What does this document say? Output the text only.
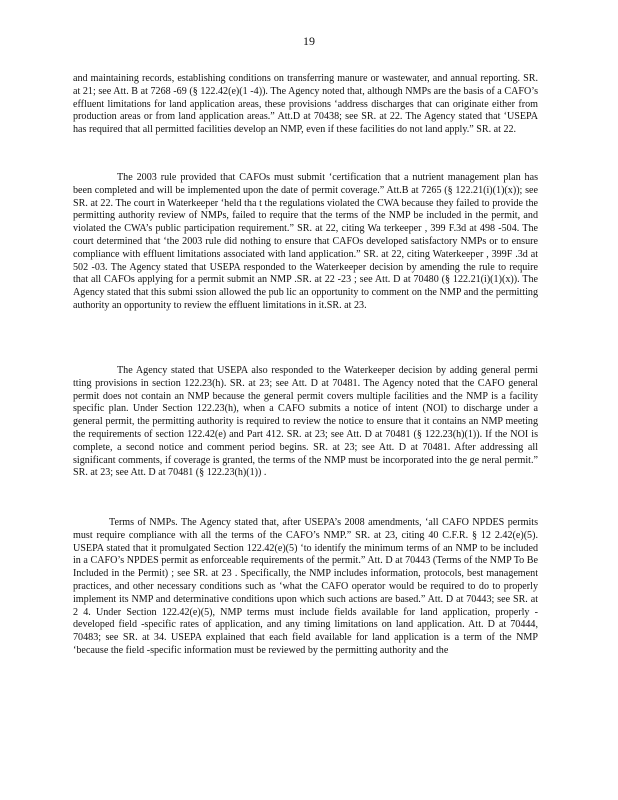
19

and maintaining records, establishing conditions on transferring manure or wastewater, and annual reporting. SR. at 21; see Att. B at 7268 -69 (§ 122.42(e)(1 -4)). The Agency noted that, although NMPs are the basis of a CAFO’s effluent limitations for land application areas, these provisions ‘address discharges that can originate either from production areas or from land application areas.” Att.D at 70438; see SR. at 22. The Agency stated that ‘USEPA has required that all permitted facilities develop an NMP, even if these facilities do not land apply.” SR. at 22.

The 2003 rule provided that CAFOs must submit ‘certification that a nutrient management plan has been completed and will be implemented upon the date of permit coverage.” Att.B at 7265 (§ 122.21(i)(1)(x)); see SR. at 22. The court in Waterkeeper ‘held tha t the regulations violated the CWA because they failed to provide the permitting authority review of NMPs, failed to require that the terms of the NMP be included in the permit, and violated the CWA’s public participation requirement.” SR. at 22, citing Wa terkeeper , 399 F.3d at 498 -504. The court determined that ‘the 2003 rule did nothing to ensure that CAFOs developed satisfactory NMPs or to ensure compliance with effluent limitations associated with land application.” SR. at 22, citing Waterkeeper , 399F .3d at 502 -03. The Agency stated that USEPA responded to the Waterkeeper decision by amending the rule to require that all CAFOs applying for a permit submit an NMP .SR. at 22 -23 ; see Att. D at 70480 (§ 122.21(i)(1)(x)). The Agency stated that this submi ssion allowed the pub lic an opportunity to comment on the NMP and the permitting authority an opportunity to review the effluent limitations in it.SR. at 23.

The Agency stated that USEPA also responded to the Waterkeeper decision by adding general permi tting provisions in section 122.23(h). SR. at 23; see Att. D at 70481. The Agency noted that the CAFO general permit does not contain an NMP because the general permit covers multiple facilities and the NMP is a facility specific plan. Under Section 122.23(h), when a CAFO submits a notice of intent (NOI) to discharge under a general permit, the permitting authority is required to review the notice to ensure that it contains an NMP meeting the requirements of section 122.42(e) and Part 412. SR. at 23; see Att. D at 70481 (§ 122.23(h)(1)). If the NOI is complete, a second notice and comment period begins. SR. at 23; see Att. D at 70481. After addressing all significant comments, if coverage is granted, the terms of the NMP must be incorporated into the ge neral permit.” SR. at 23; see Att. D at 70481 (§ 122.23(h)(1)) .

Terms of NMPs. The Agency stated that, after USEPA’s 2008 amendments, ‘all CAFO NPDES permits must require compliance with all the terms of the CAFO’s NMP.” SR. at 23, citing 40 C.F.R. § 12 2.42(e)(5). USEPA stated that it promulgated Section 122.42(e)(5) ‘to identify the minimum terms of an NMP to be included in a CAFO’s NPDES permit as enforceable requirements of the permit.” Att. D at 70443 (Terms of the NMP To Be Included in the Permit) ; see SR. at 23 . Specifically, the NMP includes information, protocols, best management practices, and other necessary conditions such as ‘what the CAFO operator would be required to do to properly implement its NMP and determinative conditions upon which such actions are based.” Att. D at 70443; see SR. at 2 4. Under Section 122.42(e)(5), NMP terms must include fields available for land application, properly -developed field -specific rates of application, and any timing limitations on land application. Att. D at 70444, 70483; see SR. at 34. USEPA explained that each field available for land application is a term of the NMP ‘because the field -specific information must be reviewed by the permitting authority and the
